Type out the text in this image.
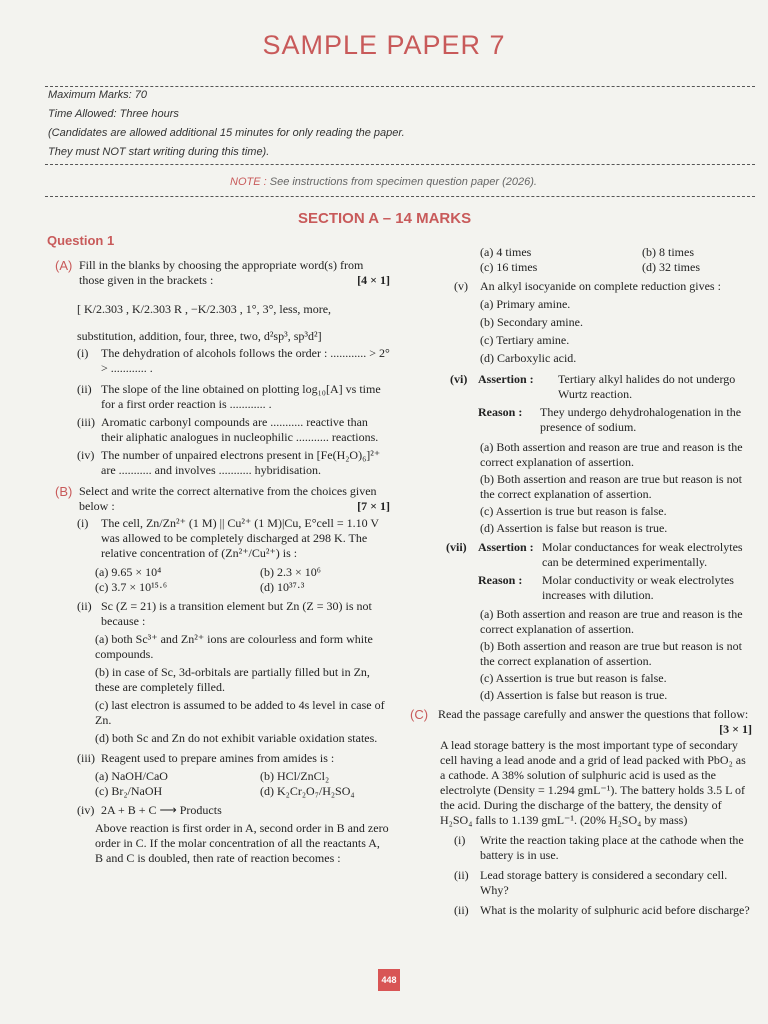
SAMPLE PAPER 7
Maximum Marks: 70
Time Allowed: Three hours
(Candidates are allowed additional 15 minutes for only reading the paper.
They must NOT start writing during this time).
NOTE : See instructions from specimen question paper (2026).
SECTION A – 14 MARKS
Question 1
(A) Fill in the blanks by choosing the appropriate word(s) from those given in the brackets :	[4 × 1]

[ K/2.303 , K/2.303 R , −K/2.303 , 1°, 3°, less, more,

substitution, addition, four, three, two, d²sp³, sp³d²]

(i)	The dehydration of alcohols follows the order : ............ > 2° > ............ .
(ii) The slope of the line obtained on plotting log₁₀[A] vs time for a first order reaction is ............ .
(iii) Aromatic carbonyl compounds are ........... reactive than their aliphatic analogues in nucleophilic ........... reactions.
(iv) The number of unpaired electrons present in [Fe(H₂O)₆]²⁺ are ........... and involves ........... hybridisation.
(B) Select and write the correct alternative from the choices given below :	[7 × 1]

(i)	The cell, Zn/Zn²⁺ (1 M) || Cu²⁺ (1 M)|Cu, E°cell = 1.10 V was allowed to be completely discharged at 298 K. The relative concentration of (Zn²⁺/Cu²⁺) is :
(a) 9.65 × 10⁴	(b) 2.3 × 10⁶
(c) 3.7 × 10¹⁵·⁶	(d) 10³⁷·³
(ii) Sc (Z = 21) is a transition element but Zn (Z = 30) is not because :

(a) both Sc³⁺ and Zn²⁺ ions are colourless and form white compounds.

(b) in case of Sc, 3d-orbitals are partially filled but in Zn, these are completely filled.

(c) last electron is assumed to be added to 4s level in case of Zn.

(d) both Sc and Zn do not exhibit variable oxidation states.

(iii) Reagent used to prepare amines from amides is :
(a) NaOH/CaO	(b) HCl/ZnCl₂
(c) Br₂/NaOH	(d) K₂Cr₂O₇/H₂SO₄
(iv) 2A + B + C ⟶ Products

Above reaction is first order in A, second order in B and zero order in C. If the molar concentration of all the reactants A, B and C is doubled, then rate of reaction becomes :

(a) 4 times	(b) 8 times
(c) 16 times	(d) 32 times
(v)	An alkyl isocyanide on complete reduction gives :

(a) Primary amine.

(b) Secondary amine.

(c) Tertiary amine.

(d) Carboxylic acid.

(vi) Assertion :	Tertiary alkyl halides do not undergo Wurtz reaction.
Reason :	They undergo dehydrohalogenation in the presence of sodium.

(a) Both assertion and reason are true and reason is the correct explanation of assertion.

(b) Both assertion and reason are true but reason is not the correct explanation of assertion.

(c) Assertion is true but reason is false.

(d) Assertion is false but reason is true.

(vii) Assertion : Molar conductances for weak electrolytes can be determined experimentally.
Reason :	Molar conductivity or weak electrolytes increases with dilution.

(a) Both assertion and reason are true and reason is the correct explanation of assertion.

(b) Both assertion and reason are true but reason is not the correct explanation of assertion.

(c) Assertion is true but reason is false.

(d) Assertion is false but reason is true.

(C) Read the passage carefully and answer the questions that follow:

[3 × 1]

A lead storage battery is the most important type of secondary cell having a lead anode and a grid of lead packed with PbO₂ as a cathode. A 38% solution of sulphuric acid is used as the electrolyte (Density = 1.294 gmL⁻¹). The battery holds 3.5 L of the acid. During the discharge of the battery, the density of H₂SO₄ falls to 1.139 gmL⁻¹. (20% H₂SO₄ by mass)

(i)	Write the reaction taking place at the cathode when the battery is in use.
(ii) Lead storage battery is considered a secondary cell. Why?
(ii) What is the molarity of sulphuric acid before discharge?
448
